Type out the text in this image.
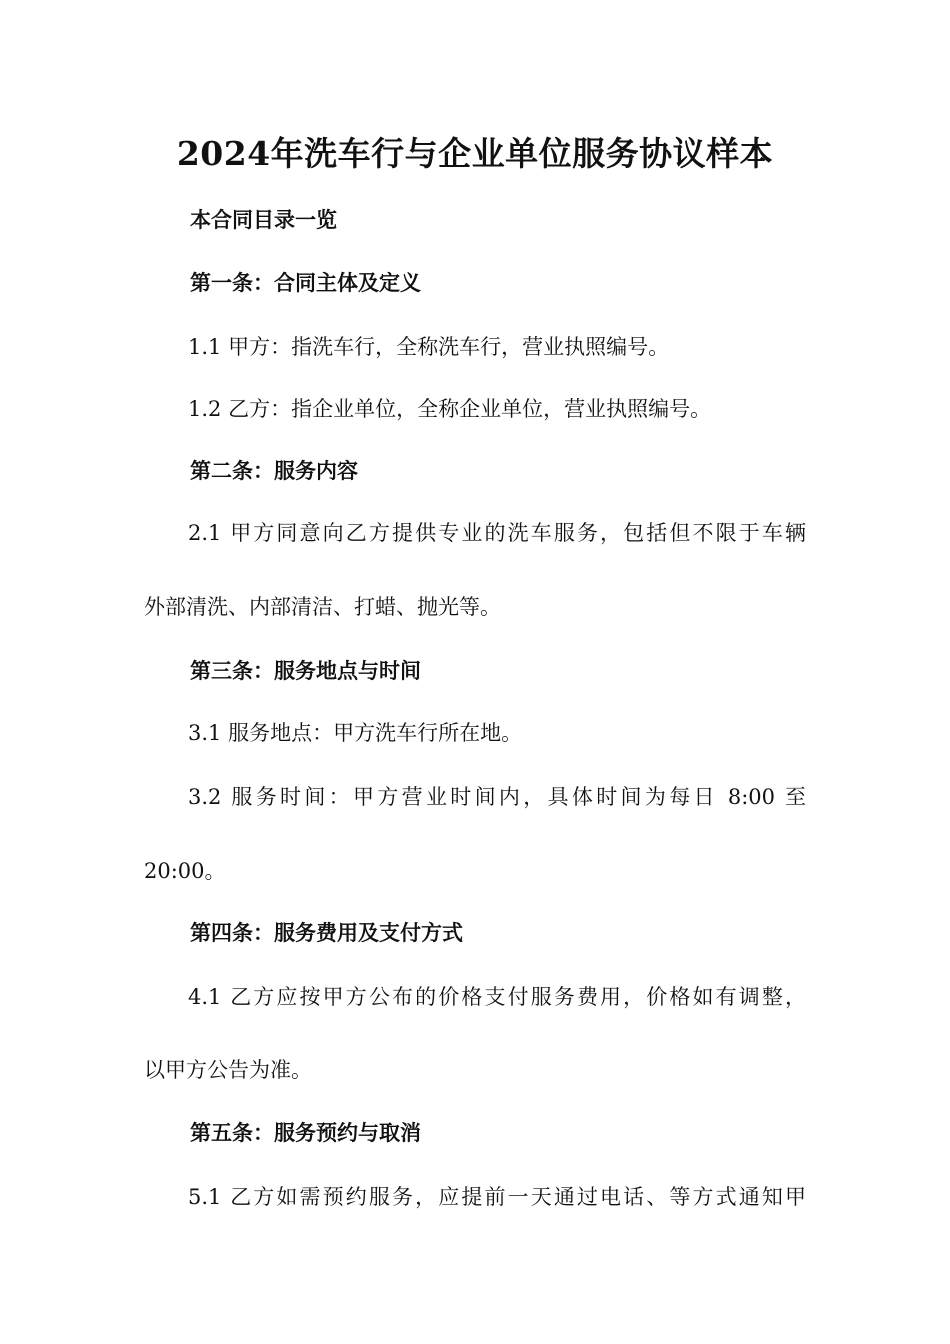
2024年洗车行与企业单位服务协议样本

本合同目录一览

第一条：合同主体及定义

1.1 甲方：指洗车行，全称洗车行，营业执照编号。

1.2 乙方：指企业单位，全称企业单位，营业执照编号。

第二条：服务内容

2.1 甲方同意向乙方提供专业的洗车服务，包括但不限于车辆

外部清洗、内部清洁、打蜡、抛光等。

第三条：服务地点与时间

3.1 服务地点：甲方洗车行所在地。

3.2 服务时间：甲方营业时间内，具体时间为每日 8:00 至

20:00。

第四条：服务费用及支付方式

4.1 乙方应按甲方公布的价格支付服务费用，价格如有调整，

以甲方公告为准。

第五条：服务预约与取消

5.1 乙方如需预约服务，应提前一天通过电话、等方式通知甲
